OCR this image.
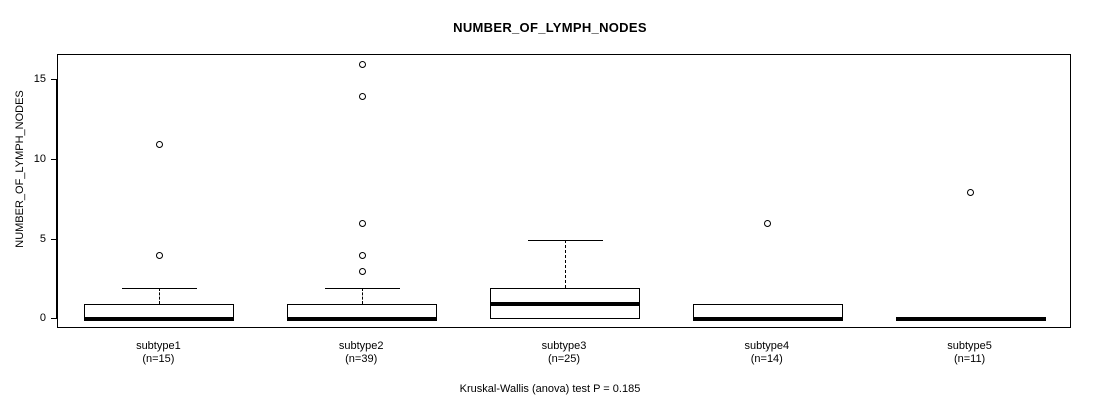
NUMBER_OF_LYMPH_NODES
NUMBER_OF_LYMPH_NODES
Kruskal-Wallis (anova) test P = 0.185
0
5
10
15
subtype1
(n=15)
subtype2
(n=39)
subtype3
(n=25)
subtype4
(n=14)
subtype5
(n=11)
